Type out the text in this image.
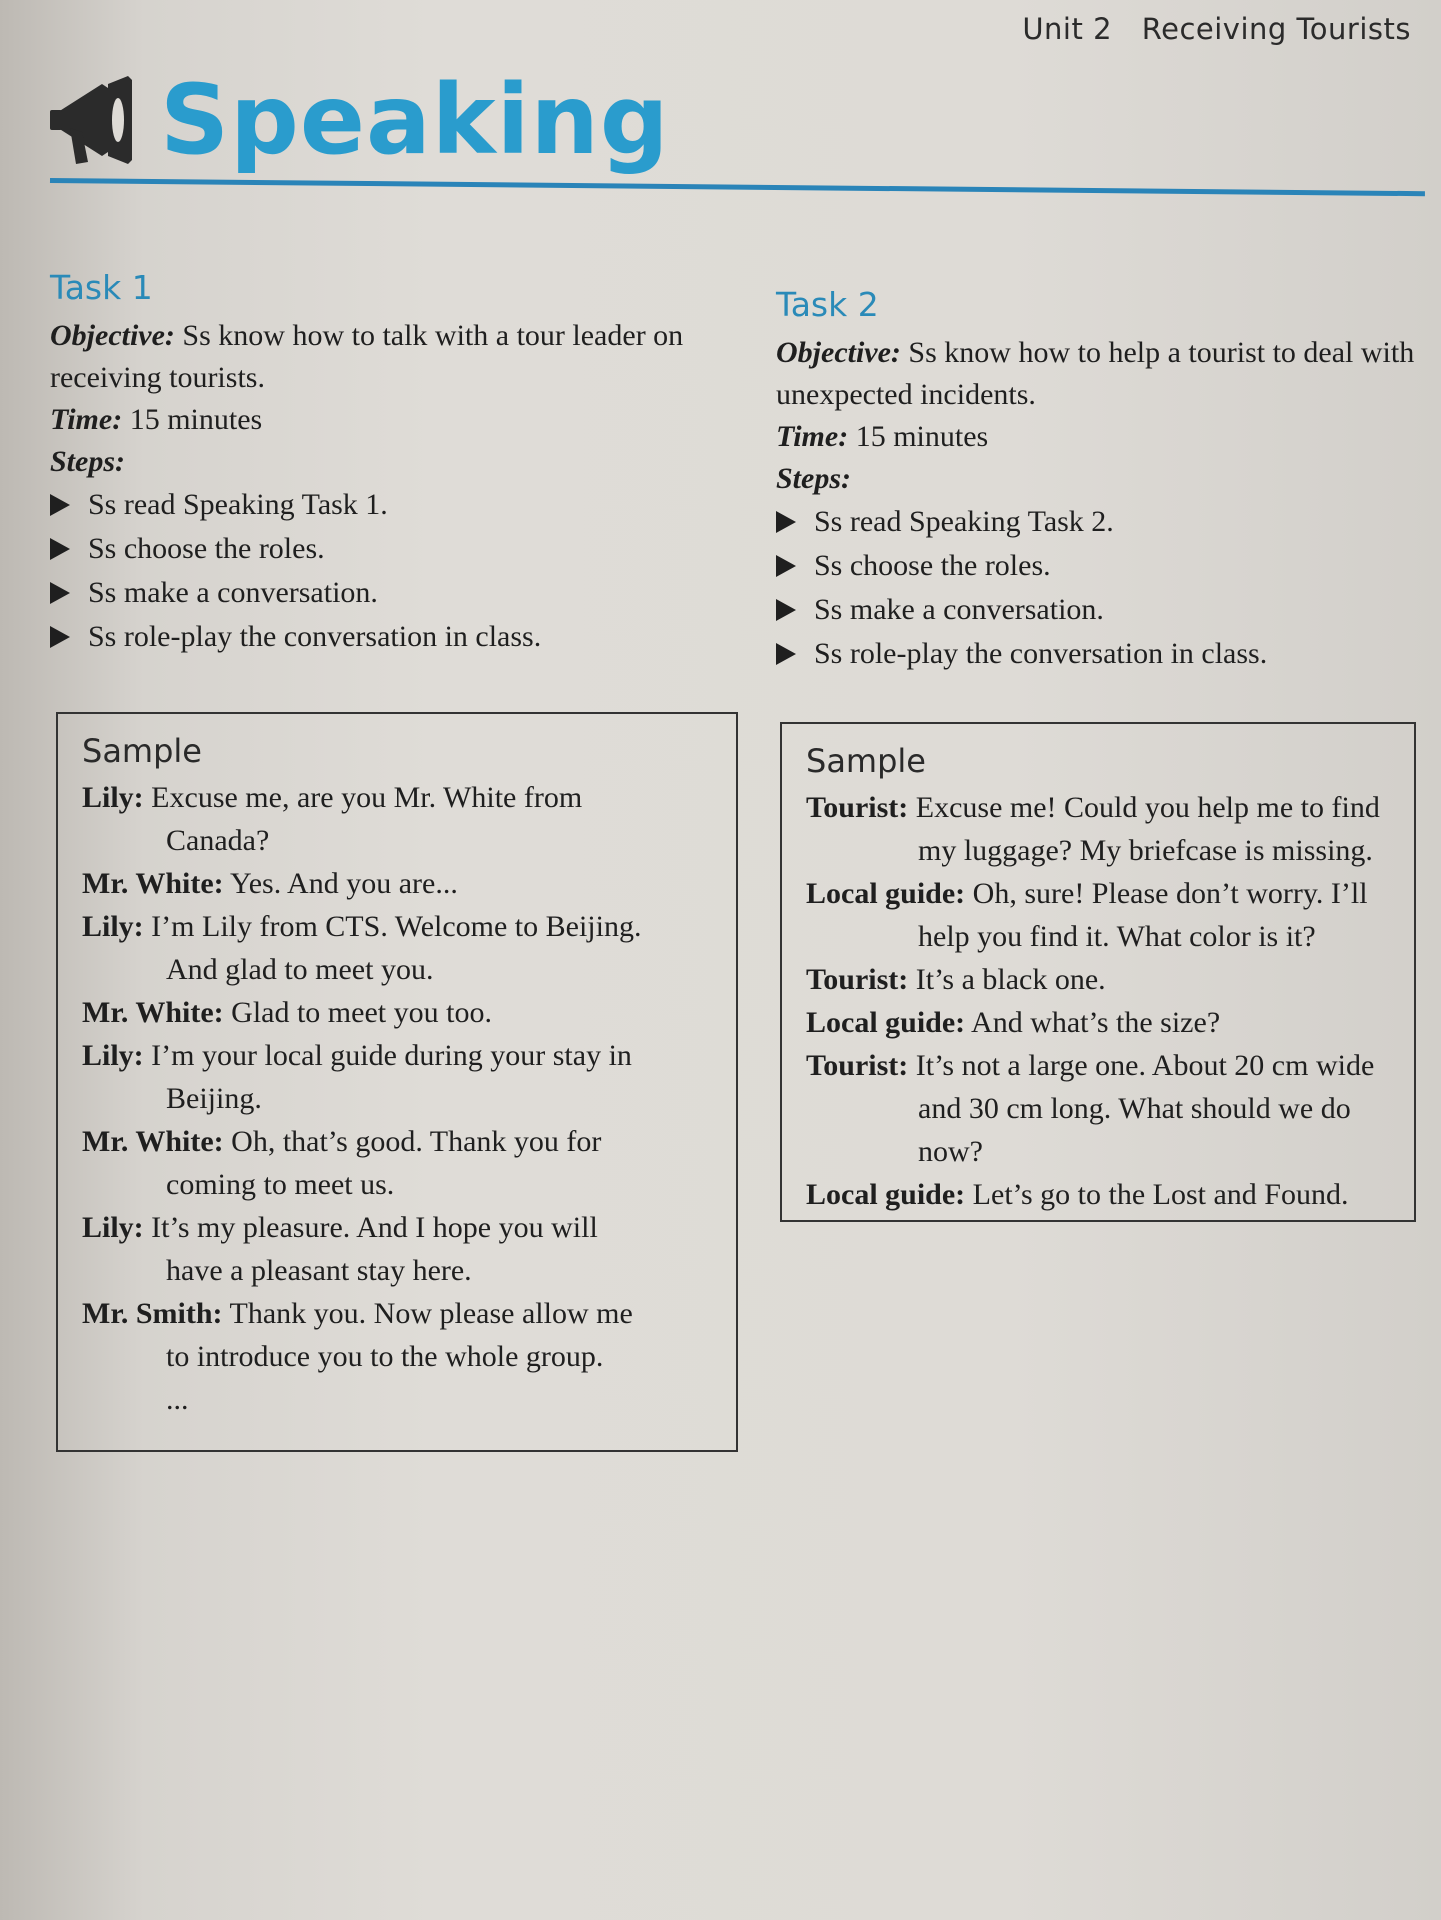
Unit 2 Receiving Tourists
Speaking
Task 1
Objective: Ss know how to talk with a tour leader on receiving tourists.
Time: 15 minutes
Steps:
Ss read Speaking Task 1.
Ss choose the roles.
Ss make a conversation.
Ss role-play the conversation in class.
Task 2
Objective: Ss know how to help a tourist to deal with unexpected incidents.
Time: 15 minutes
Steps:
Ss read Speaking Task 2.
Ss choose the roles.
Ss make a conversation.
Ss role-play the conversation in class.
Sample
Lily: Excuse me, are you Mr. White from
Canada?
Mr. White: Yes. And you are...
Lily: I’m Lily from CTS. Welcome to Beijing.
And glad to meet you.
Mr. White: Glad to meet you too.
Lily: I’m your local guide during your stay in
Beijing.
Mr. White: Oh, that’s good. Thank you for
coming to meet us.
Lily: It’s my pleasure. And I hope you will
have a pleasant stay here.
Mr. Smith: Thank you. Now please allow me
to introduce you to the whole group.
...
Sample
Tourist: Excuse me! Could you help me to find
my luggage? My briefcase is missing.
Local guide: Oh, sure! Please don’t worry. I’ll
help you find it. What color is it?
Tourist: It’s a black one.
Local guide: And what’s the size?
Tourist: It’s not a large one. About 20 cm wide
and 30 cm long. What should we do now?
Local guide: Let’s go to the Lost and Found.
